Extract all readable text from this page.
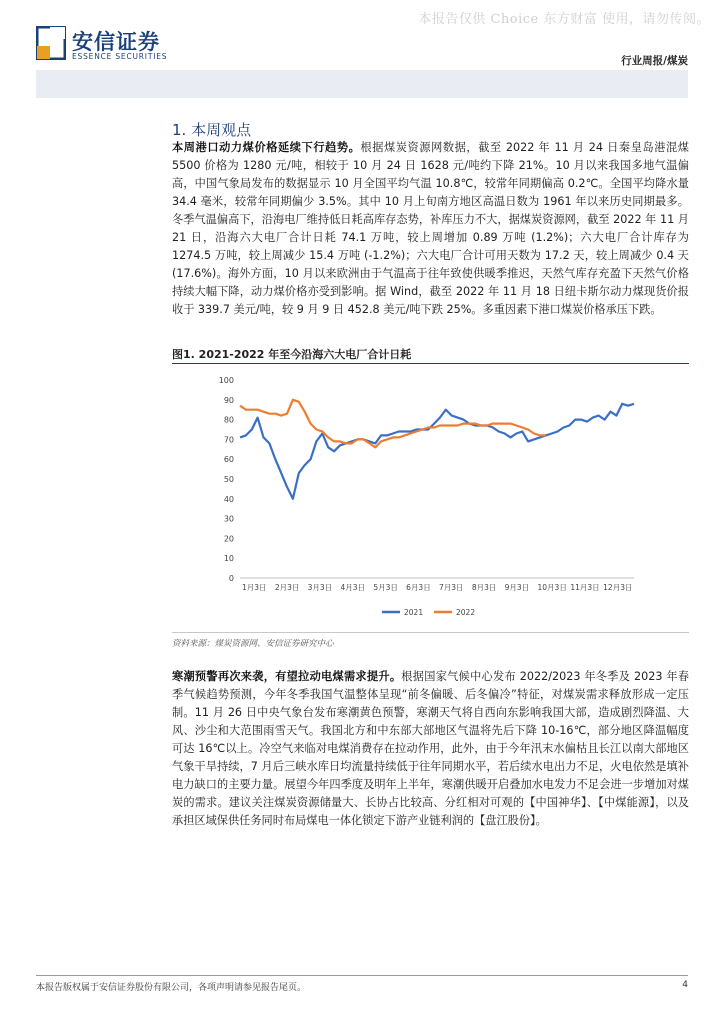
本报告仅供 Choice 东方财富 使用，请勿传阅。
安信证券
ESSENCE SECURITIES	行业周报/煤炭
1. 本周观点
本周港口动力煤价格延续下行趋势。根据煤炭资源网数据，截至 2022 年 11 月 24 日秦皇岛港混煤 5500 价格为 1280 元/吨，相较于 10 月 24 日 1628 元/吨约下降 21%。10 月以来我国多地气温偏高，中国气象局发布的数据显示 10 月全国平均气温 10.8℃，较常年同期偏高 0.2℃。全国平均降水量 34.4 毫米，较常年同期偏少 3.5%。其中 10 月上旬南方地区高温日数为 1961 年以来历史同期最多。冬季气温偏高下，沿海电厂维持低日耗高库存态势，补库压力不大，据煤炭资源网，截至 2022 年 11 月 21 日，沿海六大电厂合计日耗 74.1 万吨，较上周增加 0.89 万吨 (1.2%)；六大电厂合计库存为 1274.5 万吨，较上周减少 15.4 万吨 (-1.2%)；六大电厂合计可用天数为 17.2 天，较上周减少 0.4 天 (17.6%)。海外方面，10 月以来欧洲由于气温高于往年致使供暖季推迟，天然气库存充盈下天然气价格持续大幅下降，动力煤价格亦受到影响。据 Wind，截至 2022 年 11 月 18 日纽卡斯尔动力煤现货价报收于 339.7 美元/吨，较 9 月 9 日 452.8 美元/吨下跌 25%。多重因素下港口煤炭价格承压下跌。
图1. 2021-2022 年至今沿海六大电厂合计日耗
0
10
20
30
40
50
60
70
80
90
100
1月3日 2月3日 3月3日 4月3日 5月3日 6月3日 7月3日 8月3日 9月3日 10月3日 11月3日 12月3日
2021	2022
资料来源：煤炭资源网、安信证券研究中心
寒潮预警再次来袭，有望拉动电煤需求提升。根据国家气候中心发布 2022/2023 年冬季及 2023 年春季气候趋势预测，今年冬季我国气温整体呈现“前冬偏暖、后冬偏冷”特征，对煤炭需求释放形成一定压制。11 月 26 日中央气象台发布寒潮黄色预警，寒潮天气将自西向东影响我国大部，造成剧烈降温、大风、沙尘和大范围雨雪天气。我国北方和中东部大部地区气温将先后下降 10-16℃，部分地区降温幅度可达 16℃以上。冷空气来临对电煤消费存在拉动作用，此外，由于今年汛末水偏枯且长江以南大部地区气象干旱持续，7 月后三峡水库日均流量持续低于往年同期水平，若后续水电出力不足，火电依然是填补电力缺口的主要力量。展望今年四季度及明年上半年，寒潮供暖开启叠加水电发力不足会进一步增加对煤炭的需求。建议关注煤炭资源储量大、长协占比较高、分红相对可观的【中国神华】、【中煤能源】，以及承担区域保供任务同时布局煤电一体化锁定下游产业链利润的【盘江股份】。
本报告版权属于安信证券股份有限公司，各项声明请参见报告尾页。	4
